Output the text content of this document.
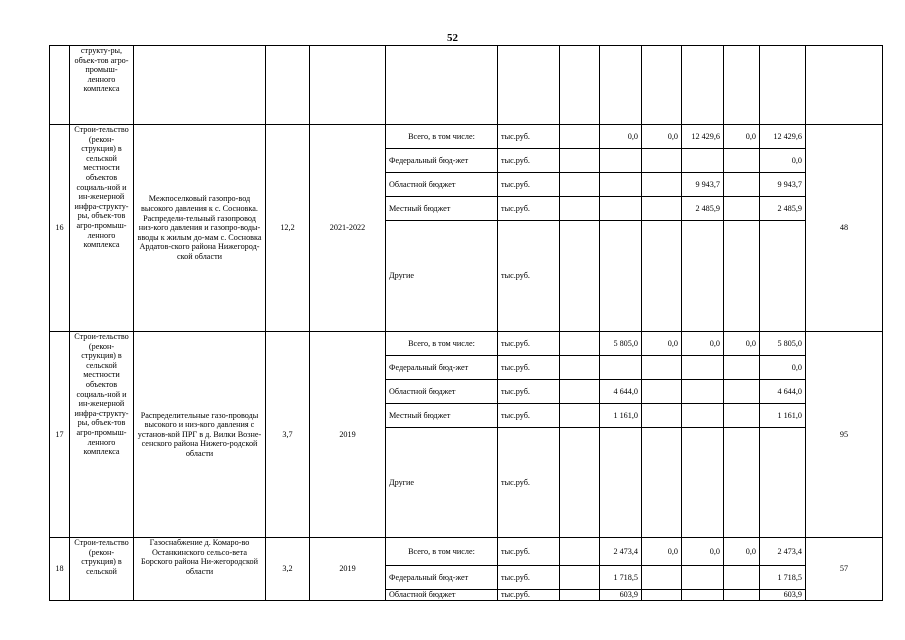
52
	структу-ры, объек-тов агро-промыш-ленного комплекса												
16	Строи-тельство (рекон-струкция) в сельской местности объектов социаль-ной и ин-женерной инфра-структу-ры, объек-тов агро-промыш-ленного комплекса	Межпоселковый газопро-вод высокого давления к с. Сосновка. Распредели-тельный газопровод низ-кого давления и газопро-воды-вводы к жилым до-мам с. Сосновка Ардатов-ского района Нижегород-ской области	12,2	2021-2022	Всего, в том числе:	тыс.руб.		0,0	0,0	12 429,6	0,0	12 429,6	48
					Федеральный бюд-жет	тыс.руб.						0,0	
					Областной бюджет	тыс.руб.				9 943,7		9 943,7	
					Местный бюджет	тыс.руб.				2 485,9		2 485,9	
					Другие	тыс.руб.							
17	Строи-тельство (рекон-струкция) в сельской местности объектов социаль-ной и ин-женерной инфра-структу-ры, объек-тов агро-промыш-ленного комплекса	Распределительные газо-проводы высокого и низ-кого давления с установ-кой ПРГ в д. Вилки Возне-сенского района Нижего-родской области	3,7	2019	Всего, в том числе:	тыс.руб.		5 805,0	0,0	0,0	0,0	5 805,0	95
					Федеральный бюд-жет	тыс.руб.						0,0	
					Областной бюджет	тыс.руб.		4 644,0				4 644,0	
					Местный бюджет	тыс.руб.		1 161,0				1 161,0	
					Другие	тыс.руб.							
18	Строи-тельство (рекон-струкция) в сельской	Газоснабжение д. Комаро-во Останкинского сельсо-вета Борского района Ни-жегородской области	3,2	2019	Всего, в том числе:	тыс.руб.		2 473,4	0,0	0,0	0,0	2 473,4	57
					Федеральный бюд-жет	тыс.руб.		1 718,5				1 718,5	
					Областной бюджет	тыс.руб.		603,9				603,9	
